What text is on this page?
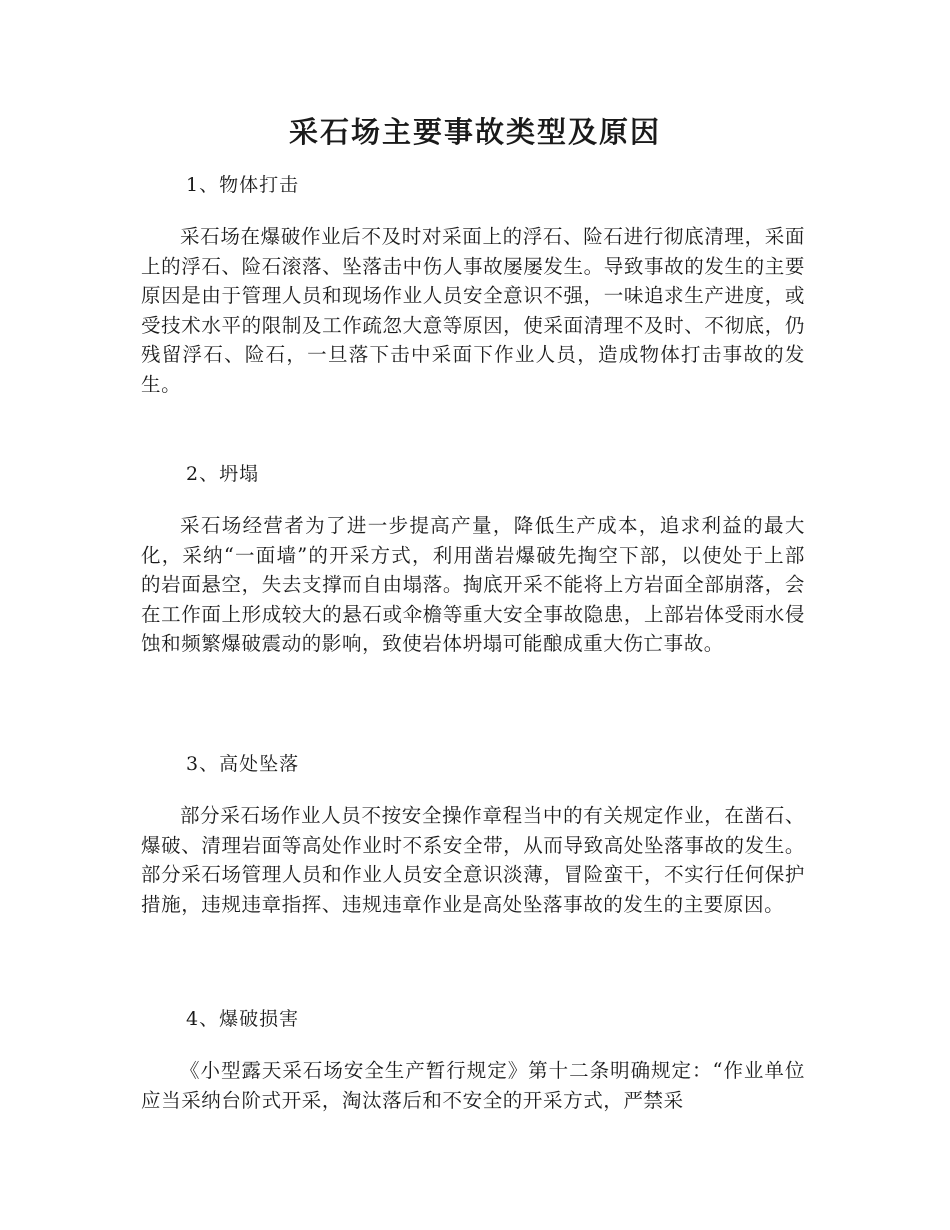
采石场主要事故类型及原因

1、物体打击

采石场在爆破作业后不及时对采面上的浮石、险石进行彻底清理，采面上的浮石、险石滚落、坠落击中伤人事故屡屡发生。导致事故的发生的主要原因是由于管理人员和现场作业人员安全意识不强，一味追求生产进度，或受技术水平的限制及工作疏忽大意等原因，使采面清理不及时、不彻底，仍残留浮石、险石，一旦落下击中采面下作业人员，造成物体打击事故的发生。

2、坍塌

采石场经营者为了进一步提高产量，降低生产成本，追求利益的最大化，采纳“一面墙”的开采方式，利用凿岩爆破先掏空下部，以使处于上部的岩面悬空，失去支撑而自由塌落。掏底开采不能将上方岩面全部崩落，会在工作面上形成较大的悬石或伞檐等重大安全事故隐患，上部岩体受雨水侵蚀和频繁爆破震动的影响，致使岩体坍塌可能酿成重大伤亡事故。

3、高处坠落

部分采石场作业人员不按安全操作章程当中的有关规定作业，在凿石、爆破、清理岩面等高处作业时不系安全带，从而导致高处坠落事故的发生。部分采石场管理人员和作业人员安全意识淡薄，冒险蛮干，不实行任何保护措施，违规违章指挥、违规违章作业是高处坠落事故的发生的主要原因。

4、爆破损害

《小型露天采石场安全生产暂行规定》第十二条明确规定：“作业单位应当采纳台阶式开采，淘汰落后和不安全的开采方式，严禁采
